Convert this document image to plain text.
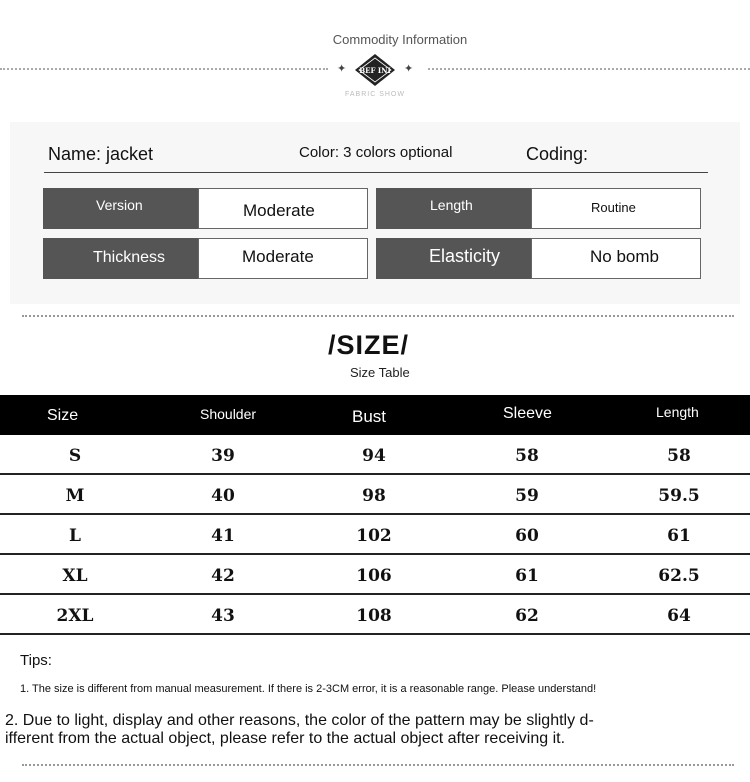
Commodity Information
✦	✦
BEF INI
FABRIC SHOW
Name: jacket	Color: 3 colors optional	Coding:
Version	Moderate	Length	Routine
Thickness	Moderate	Elasticity	No bomb
/SIZE/
Size Table
Size	Shoulder	Bust	Sleeve	Length
S	39	94	58	58
M	40	98	59	59.5
L	41	102	60	61
XL	42	106	61	62.5
2XL	43	108	62	64
Tips:
1. The size is different from manual measurement. If there is 2-3CM error, it is a reasonable range. Please understand!
2. Due to light, display and other reasons, the color of the pattern may be slightly d-
ifferent from the actual object, please refer to the actual object after receiving it.
